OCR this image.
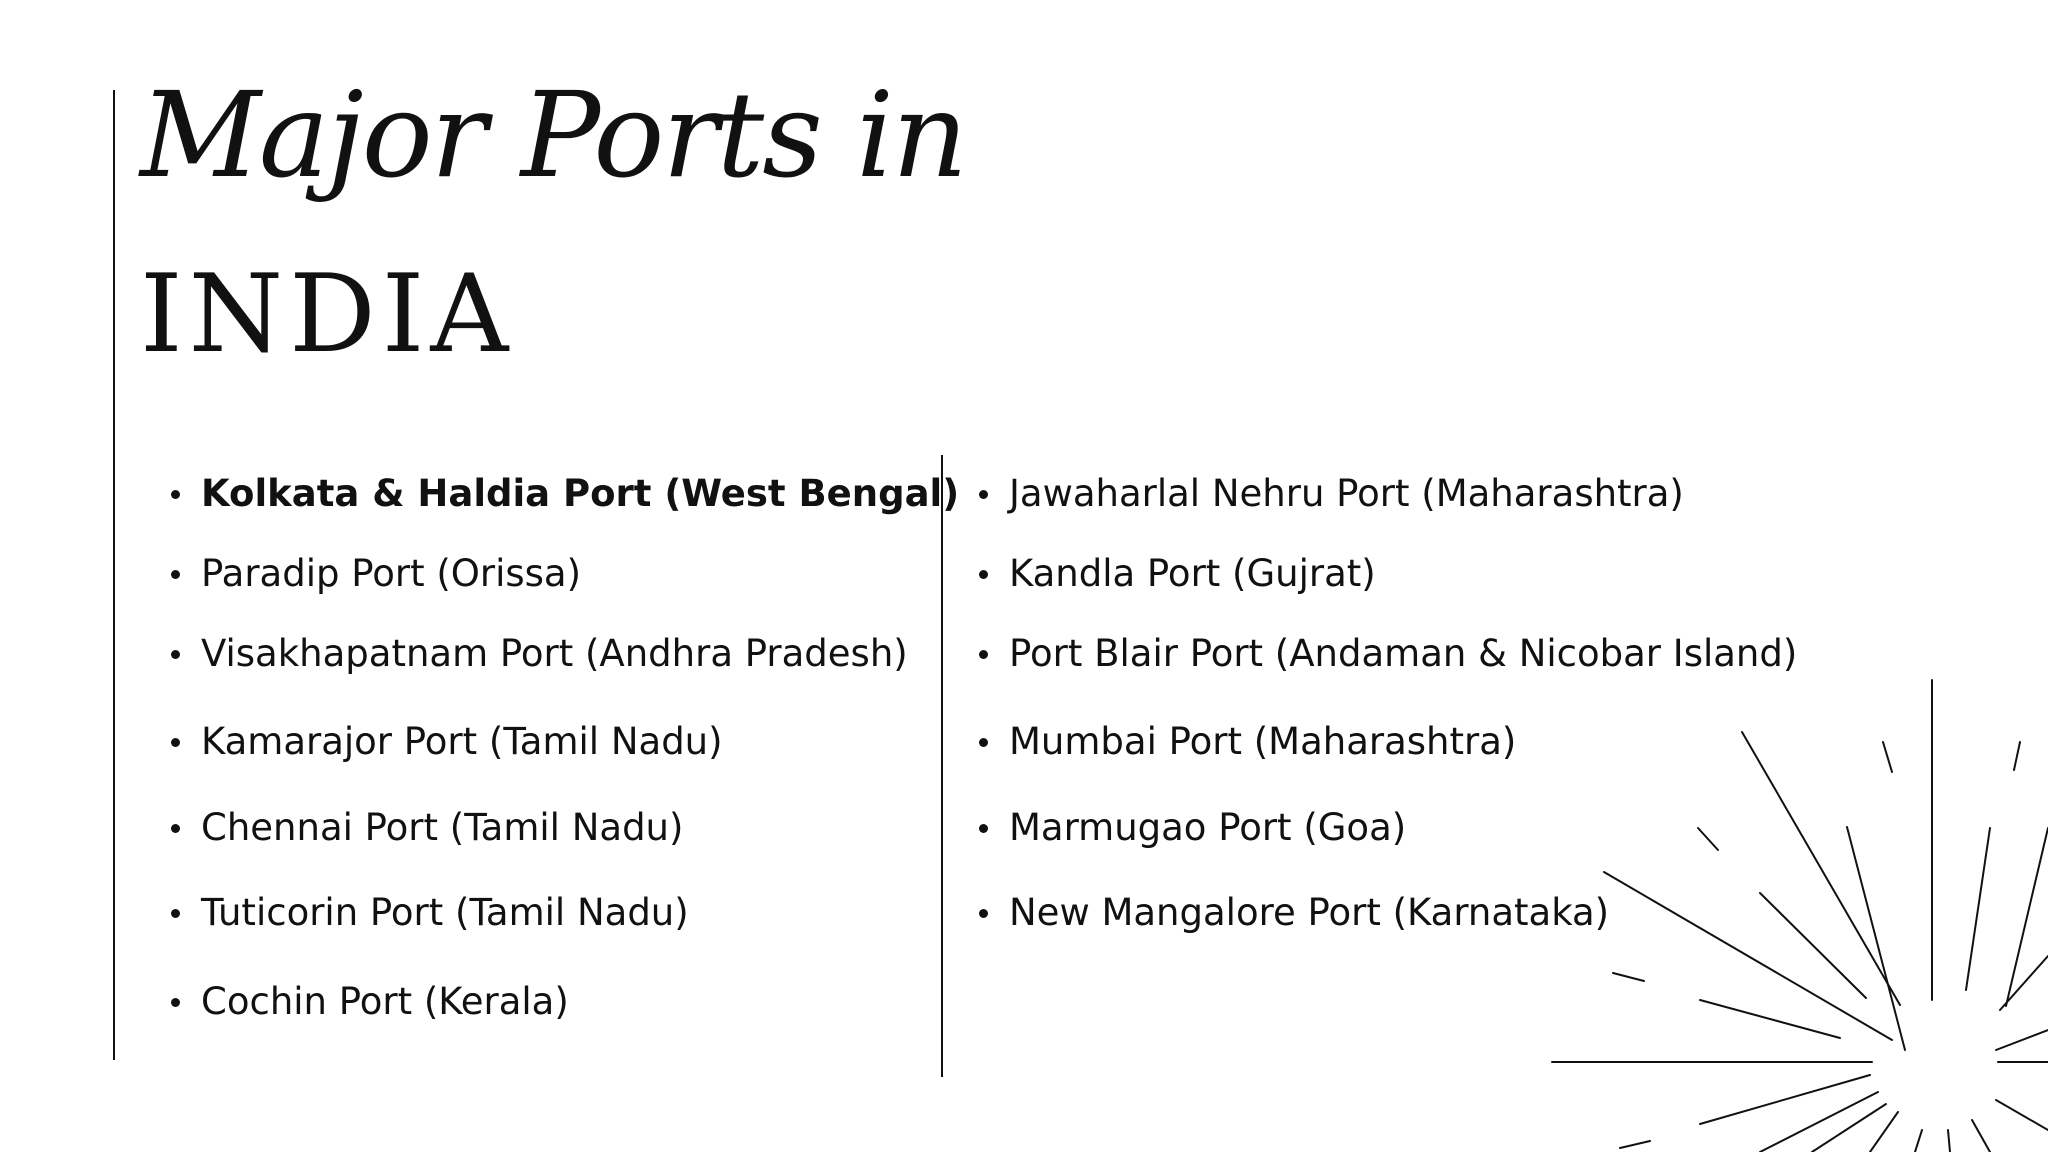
Major Ports in
INDIA
Kolkata & Haldia Port (West Bengal)
Paradip Port (Orissa)
Visakhapatnam Port (Andhra Pradesh)
Kamarajor Port (Tamil Nadu)
Chennai Port (Tamil Nadu)
Tuticorin Port (Tamil Nadu)
Cochin Port (Kerala)
Jawaharlal Nehru Port (Maharashtra)
Kandla Port (Gujrat)
Port Blair Port (Andaman & Nicobar Island)
Mumbai Port (Maharashtra)
Marmugao Port (Goa)
New Mangalore Port (Karnataka)
